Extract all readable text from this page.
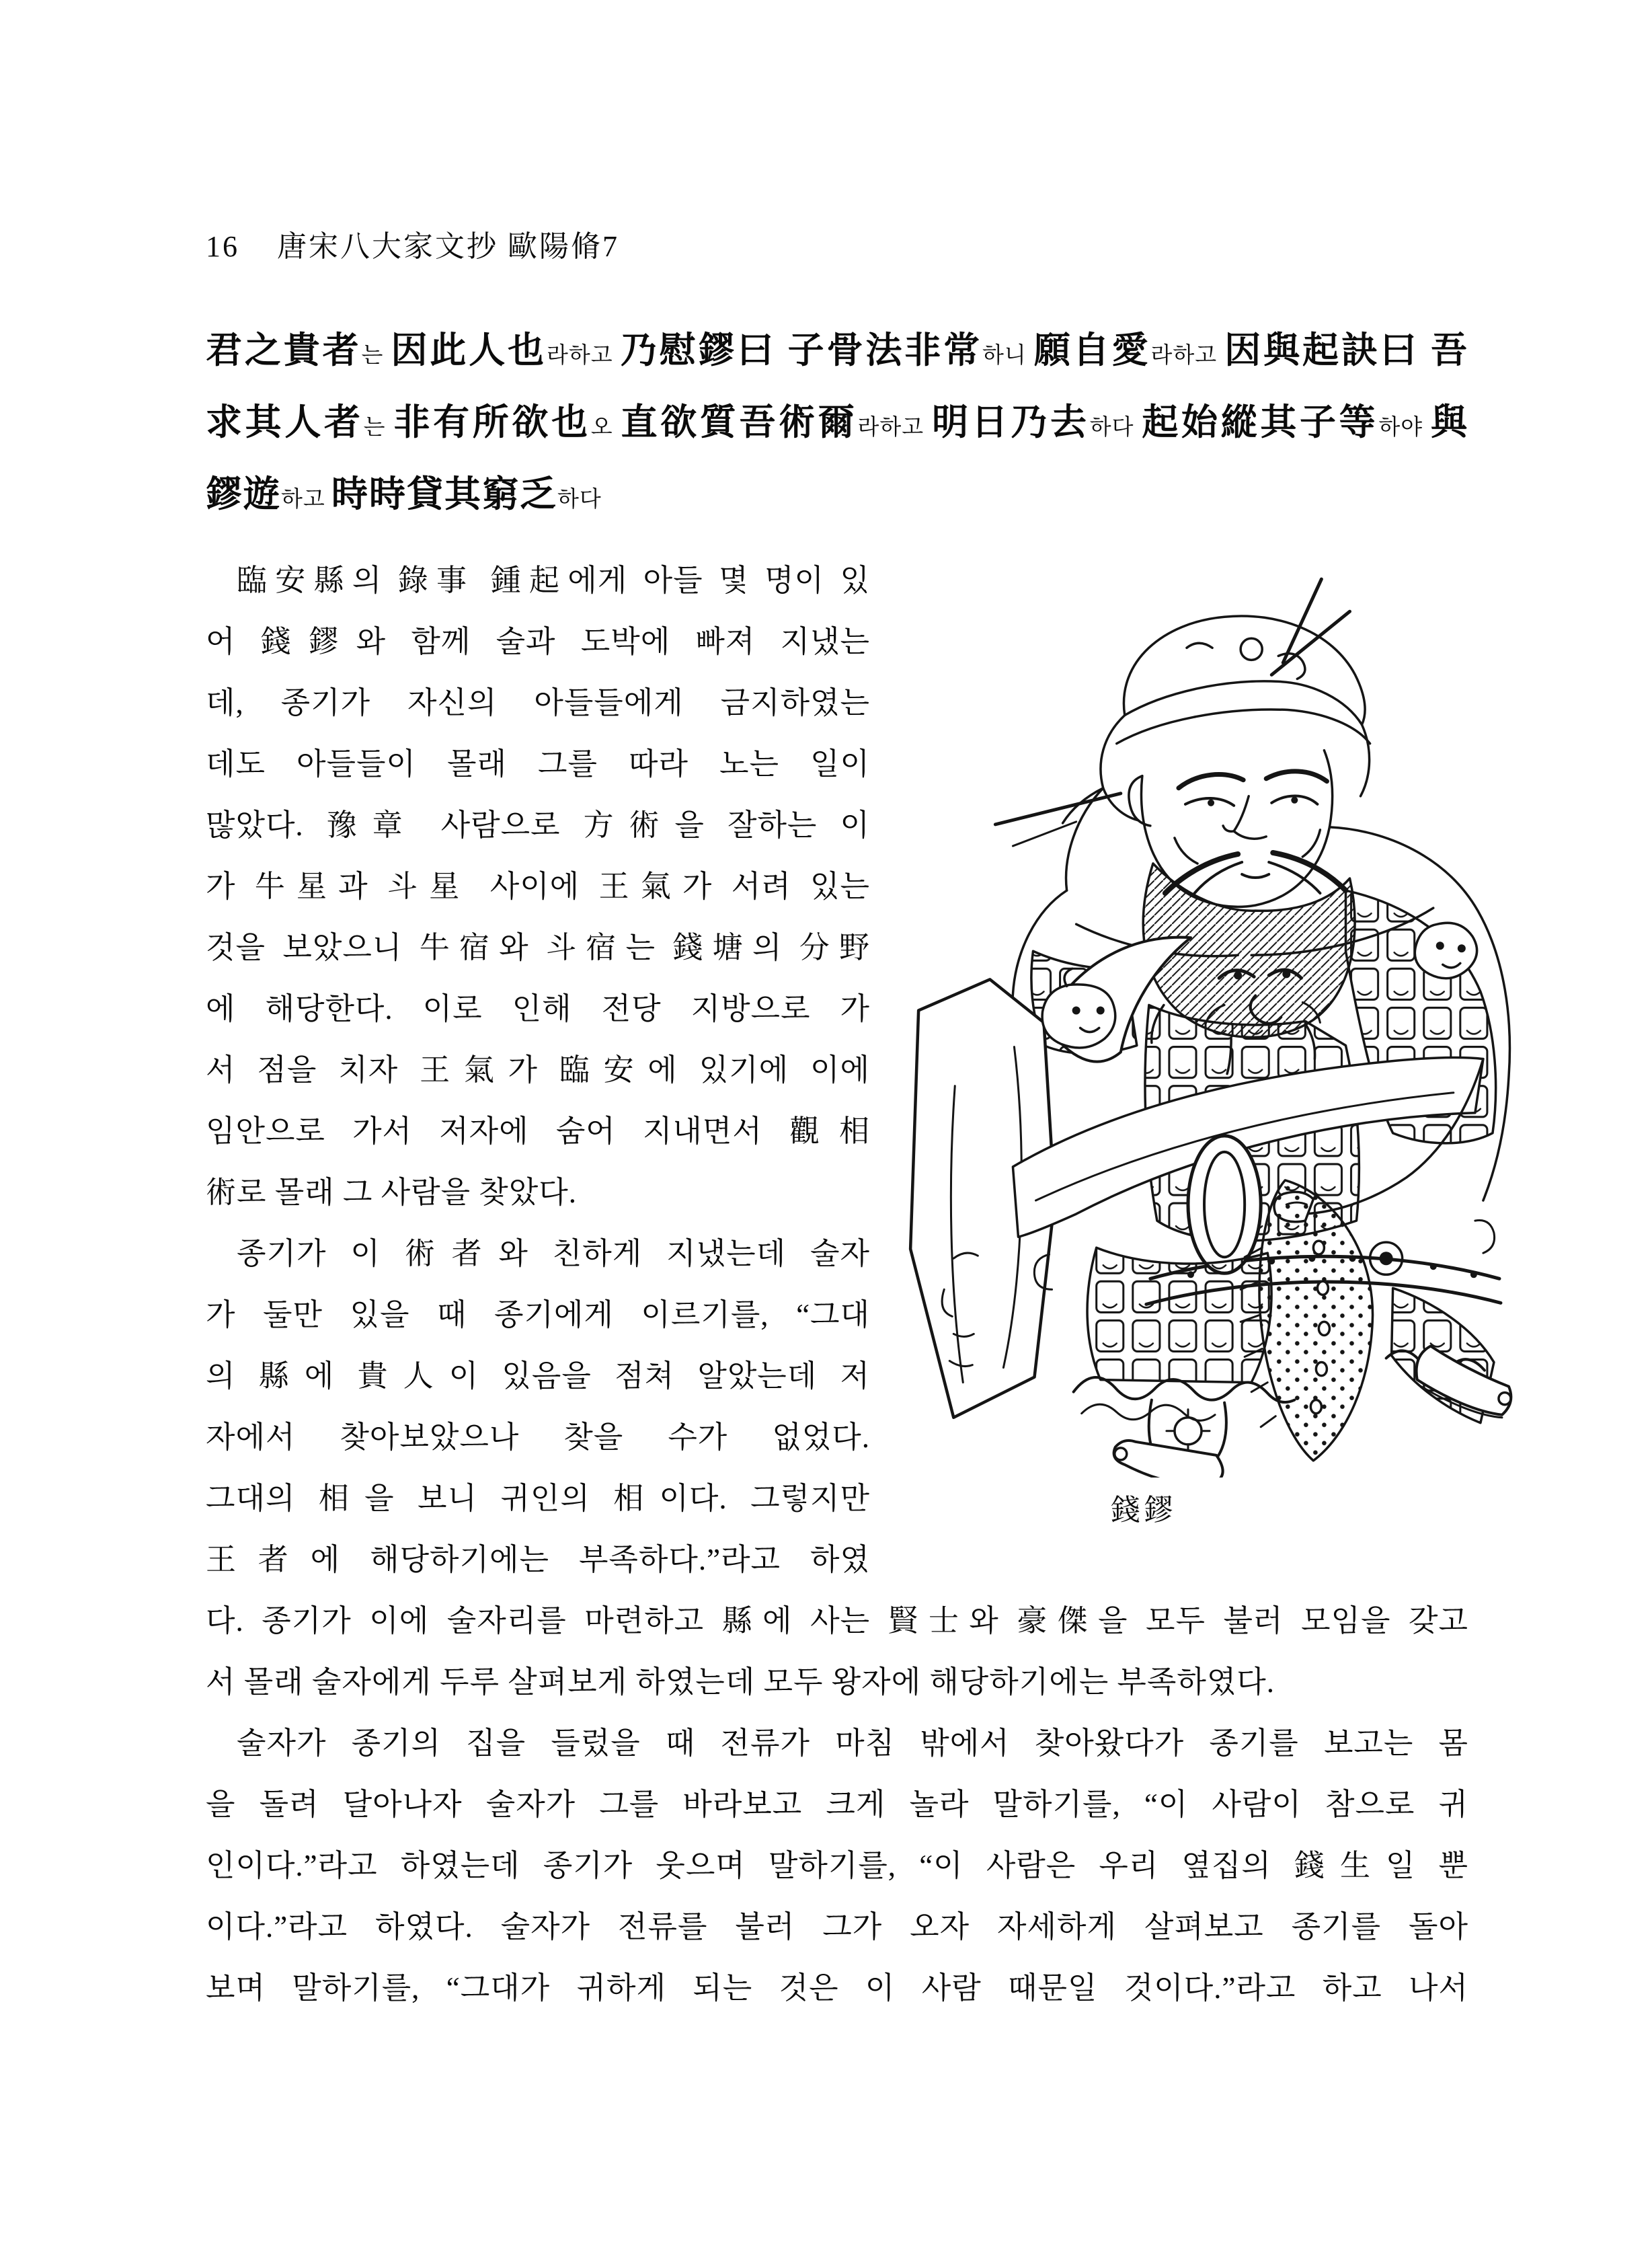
16 唐宋八大家文抄 歐陽脩7
君之貴者는 因此人也라하고 乃慰鏐曰 子骨法非常하니 願自愛라하고 因與起訣曰 吾
求其人者는 非有所欲也오 直欲質吾術爾라하고 明日乃去하다 起始縱其子等하야 與
鏐遊하고 時時貸其窮乏하다
臨安縣의 錄事 鍾起에게 아들 몇 명이 있
어 錢鏐와 함께 술과 도박에 빠져 지냈는
데, 종기가 자신의 아들들에게 금지하였는
데도 아들들이 몰래 그를 따라 노는 일이
많았다. 豫章 사람으로 方術을 잘하는 이
가 牛星과 斗星 사이에 王氣가 서려 있는
것을 보았으니 牛宿와 斗宿는 錢塘의 分野
에 해당한다. 이로 인해 전당 지방으로 가
서 점을 치자 王氣가 臨安에 있기에 이에
임안으로 가서 저자에 숨어 지내면서 觀相
術로 몰래 그 사람을 찾았다.
종기가 이 術者와 친하게 지냈는데 술자
가 둘만 있을 때 종기에게 이르기를, “그대
의 縣에 貴人이 있음을 점쳐 알았는데 저
자에서 찾아보았으나 찾을 수가 없었다.
그대의 相을 보니 귀인의 相이다. 그렇지만
王者에 해당하기에는 부족하다.”라고 하였
다. 종기가 이에 술자리를 마련하고 縣에 사는 賢士와 豪傑을 모두 불러 모임을 갖고
서 몰래 술자에게 두루 살펴보게 하였는데 모두 왕자에 해당하기에는 부족하였다.
술자가 종기의 집을 들렀을 때 전류가 마침 밖에서 찾아왔다가 종기를 보고는 몸
을 돌려 달아나자 술자가 그를 바라보고 크게 놀라 말하기를, “이 사람이 참으로 귀
인이다.”라고 하였는데 종기가 웃으며 말하기를, “이 사람은 우리 옆집의 錢生일 뿐
이다.”라고 하였다. 술자가 전류를 불러 그가 오자 자세하게 살펴보고 종기를 돌아
보며 말하기를, “그대가 귀하게 되는 것은 이 사람 때문일 것이다.”라고 하고 나서
錢鏐
